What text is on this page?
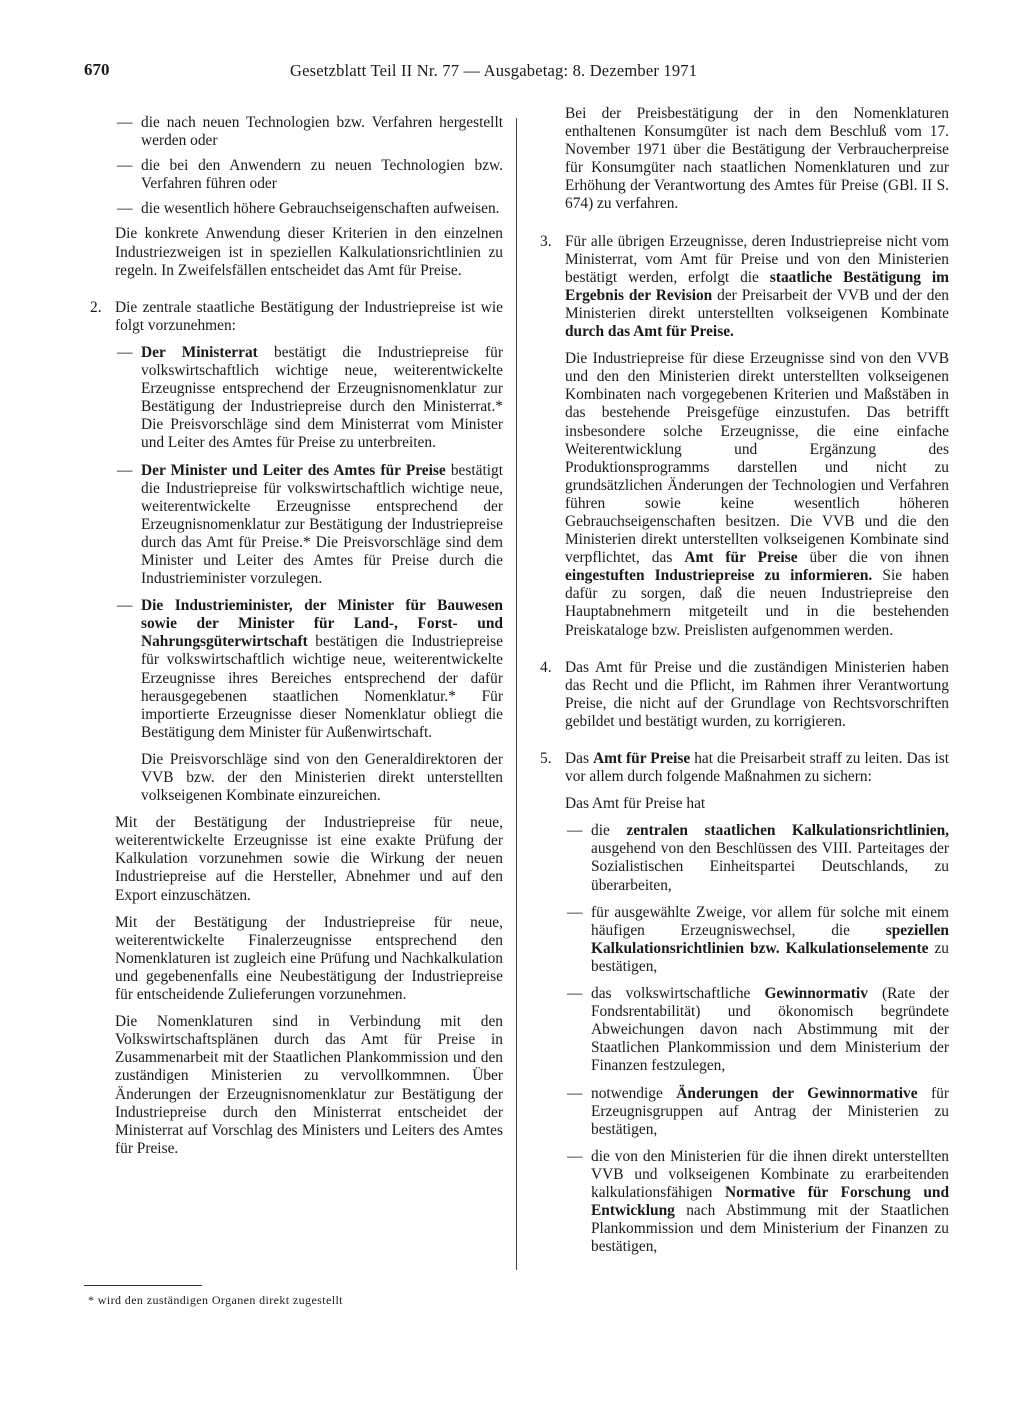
670	Gesetzblatt Teil II Nr. 77 — Ausgabetag: 8. Dezember 1971
— die nach neuen Technologien bzw. Verfahren hergestellt werden oder
— die bei den Anwendern zu neuen Technologien bzw. Verfahren führen oder
— die wesentlich höhere Gebrauchseigenschaften aufweisen.

Die konkrete Anwendung dieser Kriterien in den einzelnen Industriezweigen ist in speziellen Kalkulationsrichtlinien zu regeln. In Zweifelsfällen entscheidet das Amt für Preise.

2. Die zentrale staatliche Bestätigung der Industriepreise ist wie folgt vorzunehmen:

— Der Ministerrat bestätigt die Industriepreise für volkswirtschaftlich wichtige neue, weiterentwickelte Erzeugnisse entsprechend der Erzeugnisnomenklatur zur Bestätigung der Industriepreise durch den Ministerrat.* Die Preisvorschläge sind dem Ministerrat vom Minister und Leiter des Amtes für Preise zu unterbreiten.
— Der Minister und Leiter des Amtes für Preise bestätigt die Industriepreise für volkswirtschaftlich wichtige neue, weiterentwickelte Erzeugnisse entsprechend der Erzeugnisnomenklatur zur Bestätigung der Industriepreise durch das Amt für Preise.* Die Preisvorschläge sind dem Minister und Leiter des Amtes für Preise durch die Industrieminister vorzulegen.
— Die Industrieminister, der Minister für Bauwesen sowie der Minister für Land-, Forst- und Nahrungsgüterwirtschaft bestätigen die Industriepreise für volkswirtschaftlich wichtige neue, weiterentwickelte Erzeugnisse ihres Bereiches entsprechend der dafür herausgegebenen staatlichen Nomenklatur.* Für importierte Erzeugnisse dieser Nomenklatur obliegt die Bestätigung dem Minister für Außenwirtschaft.

Die Preisvorschläge sind von den Generaldirektoren der VVB bzw. der den Ministerien direkt unterstellten volkseigenen Kombinate einzureichen.

Mit der Bestätigung der Industriepreise für neue, weiterentwickelte Erzeugnisse ist eine exakte Prüfung der Kalkulation vorzunehmen sowie die Wirkung der neuen Industriepreise auf die Hersteller, Abnehmer und auf den Export einzuschätzen.

Mit der Bestätigung der Industriepreise für neue, weiterentwickelte Finalerzeugnisse entsprechend den Nomenklaturen ist zugleich eine Prüfung und Nachkalkulation und gegebenenfalls eine Neubestätigung der Industriepreise für entscheidende Zulieferungen vorzunehmen.

Die Nomenklaturen sind in Verbindung mit den Volkswirtschaftsplänen durch das Amt für Preise in Zusammenarbeit mit der Staatlichen Plankommission und den zuständigen Ministerien zu vervollkommnen. Über Änderungen der Erzeugnisnomenklatur zur Bestätigung der Industriepreise durch den Ministerrat entscheidet der Ministerrat auf Vorschlag des Ministers und Leiters des Amtes für Preise.

Bei der Preisbestätigung der in den Nomenklaturen enthaltenen Konsumgüter ist nach dem Beschluß vom 17. November 1971 über die Bestätigung der Verbraucherpreise für Konsumgüter nach staatlichen Nomenklaturen und zur Erhöhung der Verantwortung des Amtes für Preise (GBl. II S. 674) zu verfahren.

3. Für alle übrigen Erzeugnisse, deren Industriepreise nicht vom Ministerrat, vom Amt für Preise und von den Ministerien bestätigt werden, erfolgt die staatliche Bestätigung im Ergebnis der Revision der Preisarbeit der VVB und der den Ministerien direkt unterstellten volkseigenen Kombinate durch das Amt für Preise.

Die Industriepreise für diese Erzeugnisse sind von den VVB und den den Ministerien direkt unterstellten volkseigenen Kombinaten nach vorgegebenen Kriterien und Maßstäben in das bestehende Preisgefüge einzustufen. Das betrifft insbesondere solche Erzeugnisse, die eine einfache Weiterentwicklung und Ergänzung des Produktionsprogramms darstellen und nicht zu grundsätzlichen Änderungen der Technologien und Verfahren führen sowie keine wesentlich höheren Gebrauchseigenschaften besitzen. Die VVB und die den Ministerien direkt unterstellten volkseigenen Kombinate sind verpflichtet, das Amt für Preise über die von ihnen eingestuften Industriepreise zu informieren. Sie haben dafür zu sorgen, daß die neuen Industriepreise den Hauptabnehmern mitgeteilt und in die bestehenden Preiskataloge bzw. Preislisten aufgenommen werden.

4. Das Amt für Preise und die zuständigen Ministerien haben das Recht und die Pflicht, im Rahmen ihrer Verantwortung Preise, die nicht auf der Grundlage von Rechtsvorschriften gebildet und bestätigt wurden, zu korrigieren.

5. Das Amt für Preise hat die Preisarbeit straff zu leiten. Das ist vor allem durch folgende Maßnahmen zu sichern:

Das Amt für Preise hat

— die zentralen staatlichen Kalkulationsrichtlinien, ausgehend von den Beschlüssen des VIII. Parteitages der Sozialistischen Einheitspartei Deutschlands, zu überarbeiten,
— für ausgewählte Zweige, vor allem für solche mit einem häufigen Erzeugniswechsel, die speziellen Kalkulationsrichtlinien bzw. Kalkulationselemente zu bestätigen,
— das volkswirtschaftliche Gewinnormativ (Rate der Fondsrentabilität) und ökonomisch begründete Abweichungen davon nach Abstimmung mit der Staatlichen Plankommission und dem Ministerium der Finanzen festzulegen,
— notwendige Änderungen der Gewinnormative für Erzeugnisgruppen auf Antrag der Ministerien zu bestätigen,
— die von den Ministerien für die ihnen direkt unterstellten VVB und volkseigenen Kombinate zu erarbeitenden kalkulationsfähigen Normative für Forschung und Entwicklung nach Abstimmung mit der Staatlichen Plankommission und dem Ministerium der Finanzen zu bestätigen,
* wird den zuständigen Organen direkt zugestellt
